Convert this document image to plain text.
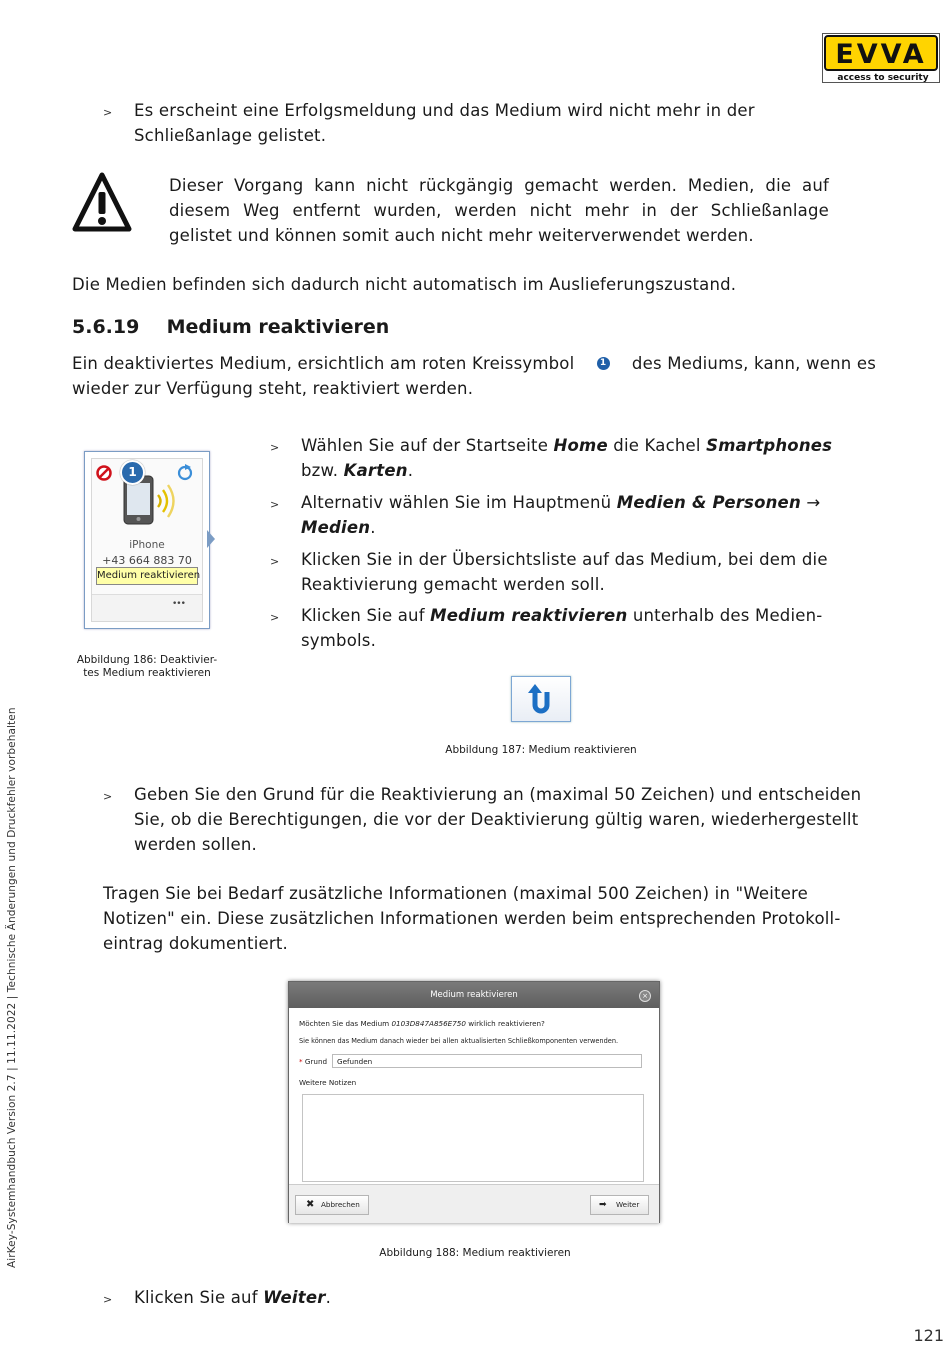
EVVA
access to security
AirKey-Systemhandbuch Version 2.7 | 11.11.2022 | Technische Änderungen und Druckfehler vorbehalten
> Es erscheint eine Erfolgsmeldung und das Medium wird nicht mehr in der
Schließanlage gelistet.
Dieser Vorgang kann nicht rückgängig gemacht werden. Medien, die auf
diesem Weg entfernt wurden, werden nicht mehr in der Schließanlage
gelistet und können somit auch nicht mehr weiterverwendet werden.
Die Medien befinden sich dadurch nicht automatisch im Auslieferungszustand.
5.6.19 Medium reaktivieren
Ein deaktiviertes Medium, ersichtlich am roten Kreissymbol	1 des Mediums, kann, wenn es
wieder zur Verfügung steht, reaktiviert werden.
1
iPhone
+43 664 883 70
Medium reaktivieren
•••
Abbildung 186: Deaktivier-
tes Medium reaktivieren
> Wählen Sie auf der Startseite Home die Kachel Smartphones
bzw. Karten.
> Alternativ wählen Sie im Hauptmenü Medien & Personen →
Medien.
> Klicken Sie in der Übersichtsliste auf das Medium, bei dem die
Reaktivierung gemacht werden soll.
> Klicken Sie auf Medium reaktivieren unterhalb des Medien-
symbols.
Abbildung 187: Medium reaktivieren
> Geben Sie den Grund für die Reaktivierung an (maximal 50 Zeichen) und entscheiden
Sie, ob die Berechtigungen, die vor der Deaktivierung gültig waren, wiederhergestellt
werden sollen.
Tragen Sie bei Bedarf zusätzliche Informationen (maximal 500 Zeichen) in "Weitere
Notizen" ein. Diese zusätzlichen Informationen werden beim entsprechenden Protokoll-
eintrag dokumentiert.
Medium reaktivieren	×
Möchten Sie das Medium 0103D847A856E750 wirklich reaktivieren?
Sie können das Medium danach wieder bei allen aktualisierten Schließkomponenten verwenden.
* Grund	Gefunden
Weitere Notizen
✖ Abbrechen	➡ Weiter
Abbildung 188: Medium reaktivieren
> Klicken Sie auf Weiter.
121
